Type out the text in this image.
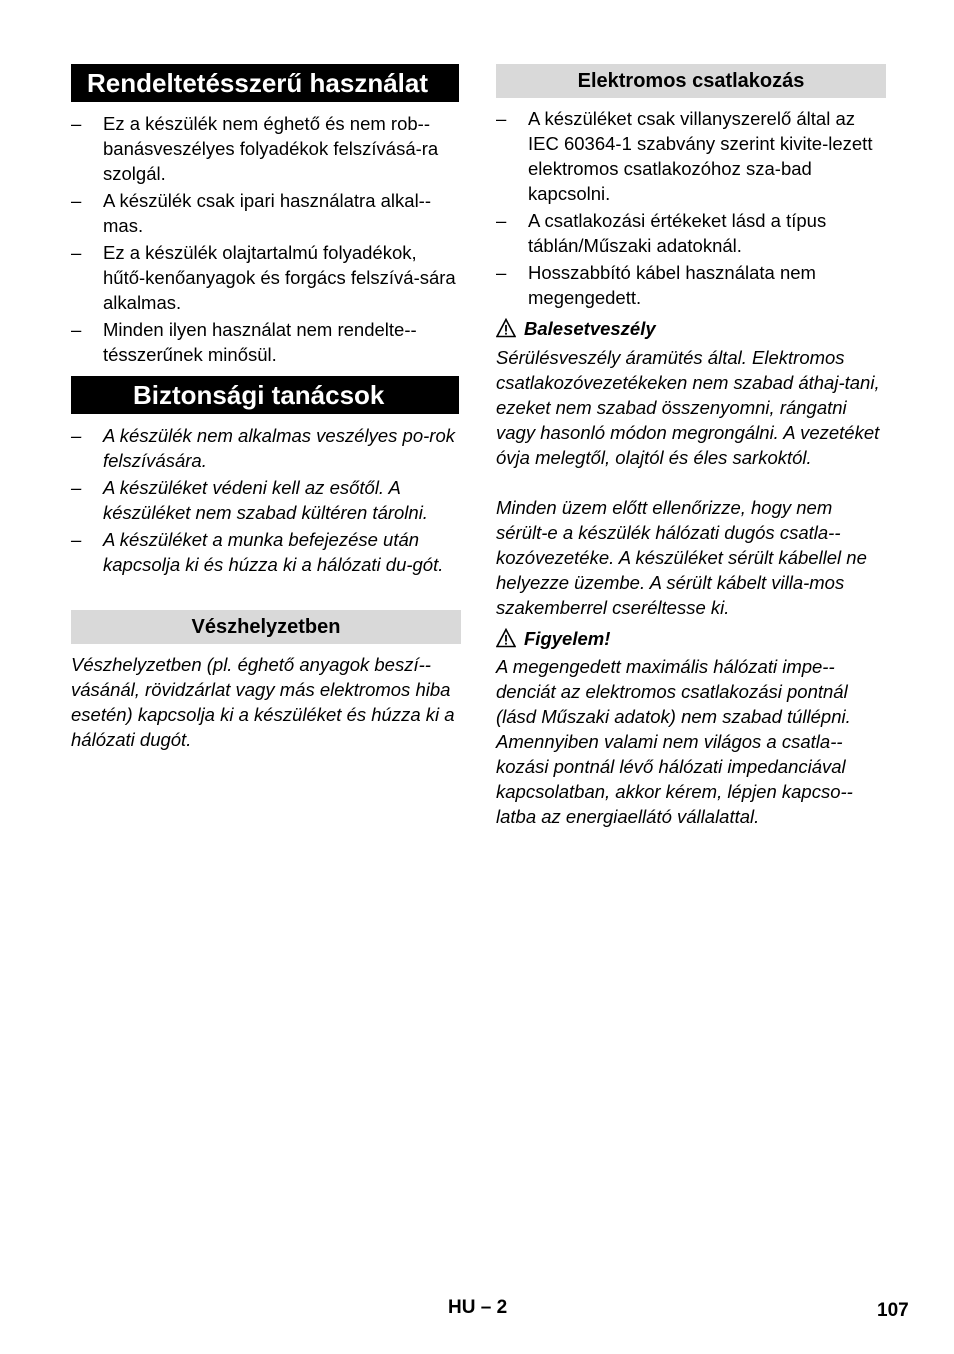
Rendeltetésszerű használat
– Ez a készülék nem éghető és nem rob-banásveszélyes folyadékok felszívásá-ra szolgál.
– A készülék csak ipari használatra alkal-mas.
– Ez a készülék olajtartalmú folyadékok, hűtő-kenőanyagok és forgács felszívá-sára alkalmas.
– Minden ilyen használat nem rendelte-tésszerűnek minősül.
Biztonsági tanácsok
– A készülék nem alkalmas veszélyes po-rok felszívására.
– A készüléket védeni kell az esőtől. A készüléket nem szabad kültéren tárolni.
– A készüléket a munka befejezése után kapcsolja ki és húzza ki a hálózati du-gót.
Vészhelyzetben

Vészhelyzetben (pl. éghető anyagok beszí-vásánál, rövidzárlat vagy más elektromos hiba esetén) kapcsolja ki a készüléket és húzza ki a hálózati dugót.

Elektromos csatlakozás
– A készüléket csak villanyszerelő által az IEC 60364-1 szabvány szerint kivite-lezett elektromos csatlakozóhoz sza-bad kapcsolni.
– A csatlakozási értékeket lásd a típus táblán/Műszaki adatoknál.
– Hosszabbító kábel használata nem megengedett.
Balesetveszély

Sérülésveszély áramütés által. Elektromos csatlakozóvezetékeken nem szabad áthaj-tani, ezeket nem szabad összenyomni, rángatni vagy hasonló módon megrongálni. A vezetéket óvja melegtől, olajtól és éles sarkoktól.

Minden üzem előtt ellenőrizze, hogy nem sérült-e a készülék hálózati dugós csatla-kozóvezetéke. A készüléket sérült kábellel ne helyezze üzembe. A sérült kábelt villa-mos szakemberrel cseréltesse ki.

Figyelem!

A megengedett maximális hálózati impe-denciát az elektromos csatlakozási pontnál (lásd Műszaki adatok) nem szabad túllépni. Amennyiben valami nem világos a csatla-kozási pontnál lévő hálózati impedanciával kapcsolatban, akkor kérem, lépjen kapcso-latba az energiaellátó vállalattal.

HU – 2	107
